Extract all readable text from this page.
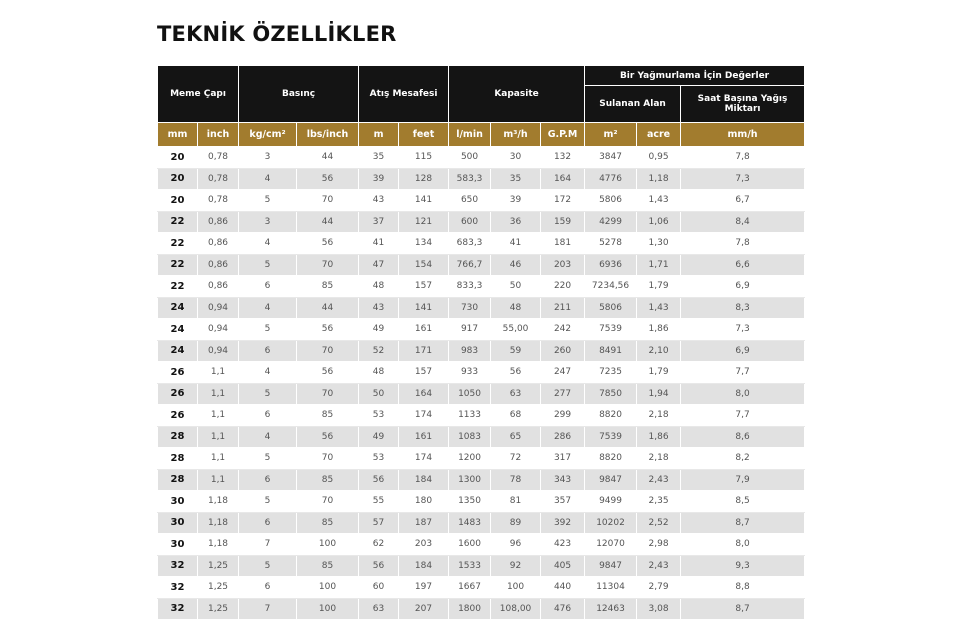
TEKNİK ÖZELLİKLER
Meme Çapı		Basınç		Atış Mesafesi		Kapasite			Bir Yağmurlama İçin Değerler		
									Sulanan Alan		Saat Başına Yağış Miktarı
mm	inch	kg/cm²	lbs/inch	m	feet	l/min	m³/h	G.P.M	m²	acre	mm/h
20	0,78	3	44	35	115	500	30	132	3847	0,95	7,8
20	0,78	4	56	39	128	583,3	35	164	4776	1,18	7,3
20	0,78	5	70	43	141	650	39	172	5806	1,43	6,7
22	0,86	3	44	37	121	600	36	159	4299	1,06	8,4
22	0,86	4	56	41	134	683,3	41	181	5278	1,30	7,8
22	0,86	5	70	47	154	766,7	46	203	6936	1,71	6,6
22	0,86	6	85	48	157	833,3	50	220	7234,56	1,79	6,9
24	0,94	4	44	43	141	730	48	211	5806	1,43	8,3
24	0,94	5	56	49	161	917	55,00	242	7539	1,86	7,3
24	0,94	6	70	52	171	983	59	260	8491	2,10	6,9
26	1,1	4	56	48	157	933	56	247	7235	1,79	7,7
26	1,1	5	70	50	164	1050	63	277	7850	1,94	8,0
26	1,1	6	85	53	174	1133	68	299	8820	2,18	7,7
28	1,1	4	56	49	161	1083	65	286	7539	1,86	8,6
28	1,1	5	70	53	174	1200	72	317	8820	2,18	8,2
28	1,1	6	85	56	184	1300	78	343	9847	2,43	7,9
30	1,18	5	70	55	180	1350	81	357	9499	2,35	8,5
30	1,18	6	85	57	187	1483	89	392	10202	2,52	8,7
30	1,18	7	100	62	203	1600	96	423	12070	2,98	8,0
32	1,25	5	85	56	184	1533	92	405	9847	2,43	9,3
32	1,25	6	100	60	197	1667	100	440	11304	2,79	8,8
32	1,25	7	100	63	207	1800	108,00	476	12463	3,08	8,7
